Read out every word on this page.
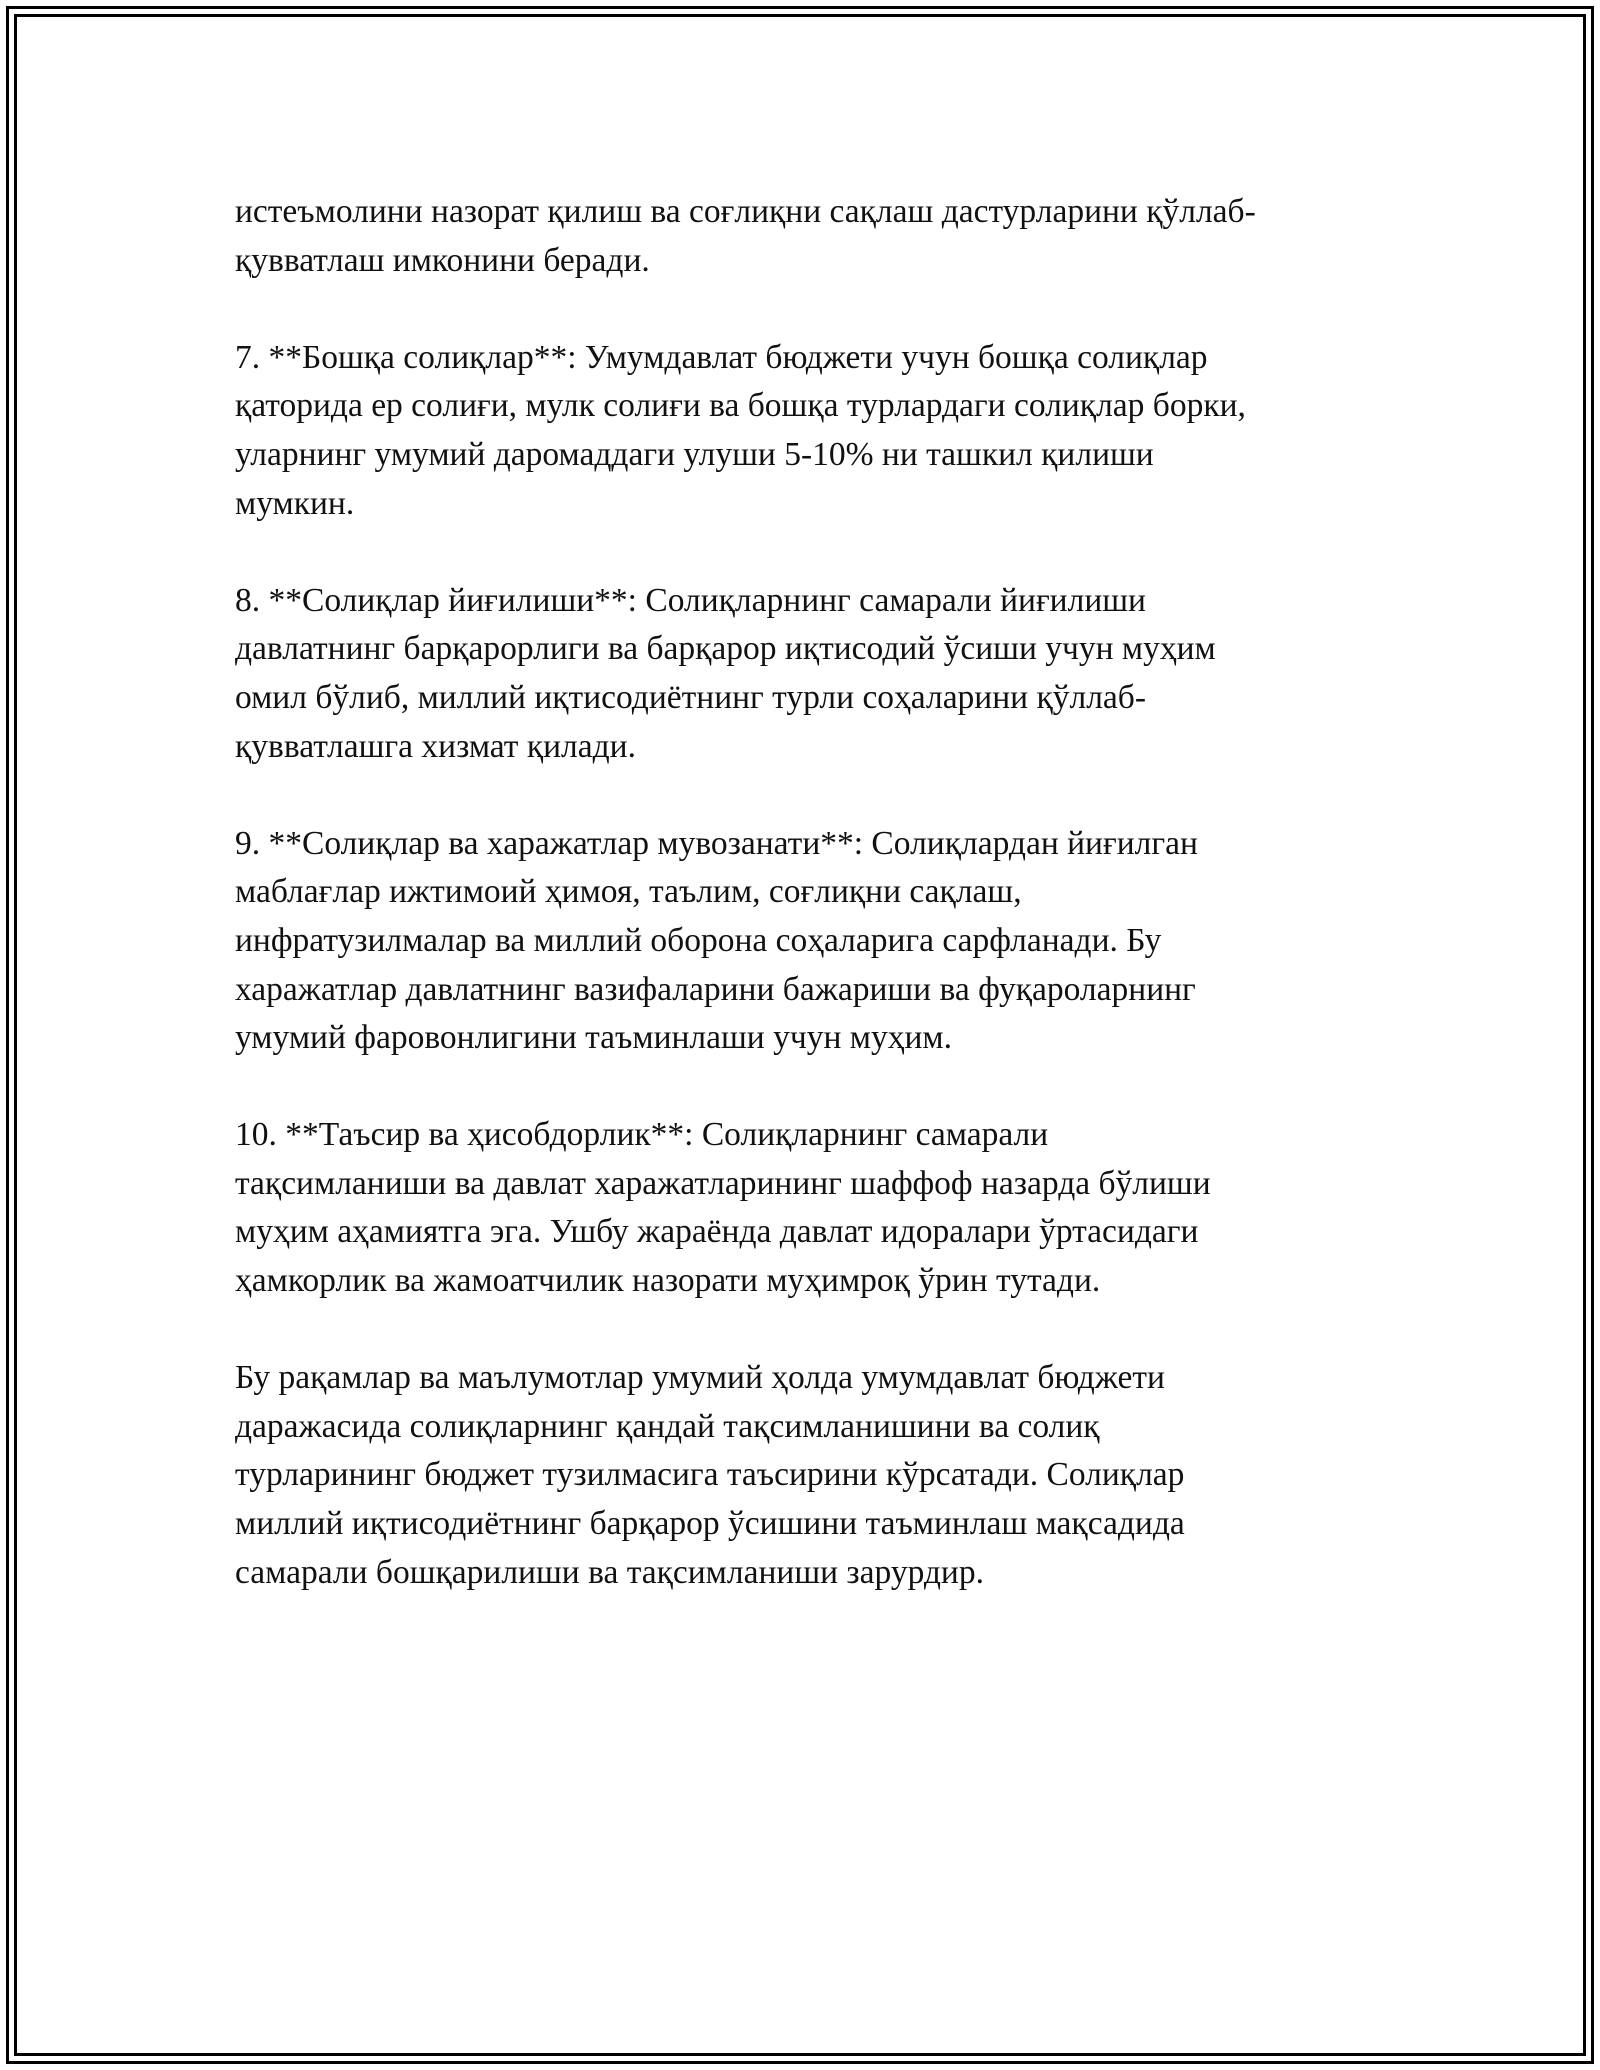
истеъмолини назорат қилиш ва соғлиқни сақлаш дастурларини қўллаб-
қувватлаш имконини беради.

7. **Бошқа солиқлар**: Умумдавлат бюджети учун бошқа солиқлар
қаторида ер солиғи, мулк солиғи ва бошқа турлардаги солиқлар борки,
уларнинг умумий даромаддаги улуши 5-10% ни ташкил қилиши
мумкин.

8. **Солиқлар йиғилиши**: Солиқларнинг самарали йиғилиши
давлатнинг барқарорлиги ва барқарор иқтисодий ўсиши учун муҳим
омил бўлиб, миллий иқтисодиётнинг турли соҳаларини қўллаб-
қувватлашга хизмат қилади.

9. **Солиқлар ва харажатлар мувозанати**: Солиқлардан йиғилган
маблағлар ижтимоий ҳимоя, таълим, соғлиқни сақлаш,
инфратузилмалар ва миллий оборона соҳаларига сарфланади. Бу
харажатлар давлатнинг вазифаларини бажариши ва фуқароларнинг
умумий фаровонлигини таъминлаши учун муҳим.

10. **Таъсир ва ҳисобдорлик**: Солиқларнинг самарали
тақсимланиши ва давлат харажатларининг шаффоф назарда бўлиши
муҳим аҳамиятга эга. Ушбу жараёнда давлат идоралари ўртасидаги
ҳамкорлик ва жамоатчилик назорати муҳимроқ ўрин тутади.

Бу рақамлар ва маълумотлар умумий ҳолда умумдавлат бюджети
даражасида солиқларнинг қандай тақсимланишини ва солиқ
турларининг бюджет тузилмасига таъсирини кўрсатади. Солиқлар
миллий иқтисодиётнинг барқарор ўсишини таъминлаш мақсадида
самарали бошқарилиши ва тақсимланиши зарурдир.
